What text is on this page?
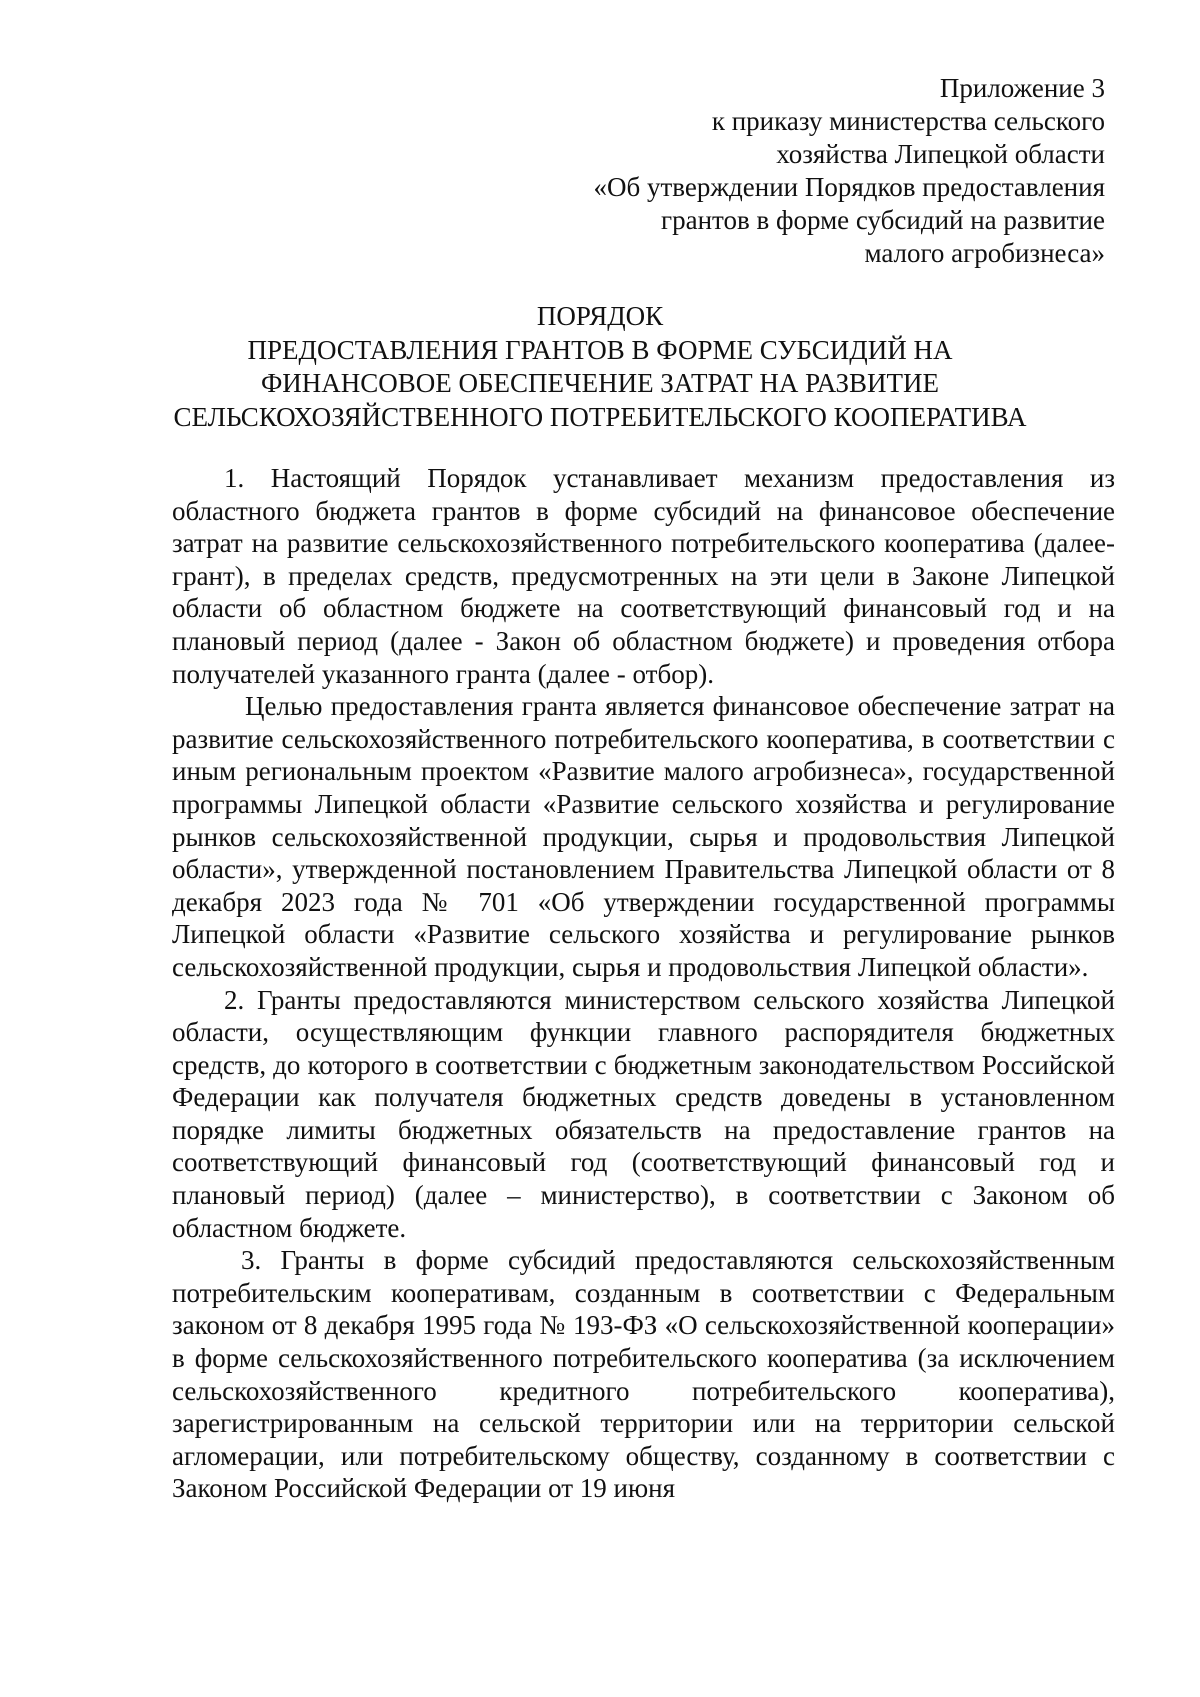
Приложение 3
к приказу министерства сельского
хозяйства Липецкой области
«Об утверждении Порядков предоставления
грантов в форме субсидий на развитие
малого агробизнеса»
ПОРЯДОК
ПРЕДОСТАВЛЕНИЯ ГРАНТОВ В ФОРМЕ СУБСИДИЙ НА
ФИНАНСОВОЕ ОБЕСПЕЧЕНИЕ ЗАТРАТ НА РАЗВИТИЕ
СЕЛЬСКОХОЗЯЙСТВЕННОГО ПОТРЕБИТЕЛЬСКОГО КООПЕРАТИВА

1. Настоящий Порядок устанавливает механизм предоставления из областного бюджета грантов в форме субсидий на финансовое обеспечение затрат на развитие сельскохозяйственного потребительского кооператива (далее-грант), в пределах средств, предусмотренных на эти цели в Законе Липецкой области об областном бюджете на соответствующий финансовый год и на плановый период (далее - Закон об областном бюджете) и проведения отбора получателей указанного гранта (далее - отбор).

Целью предоставления гранта является финансовое обеспечение затрат на развитие сельскохозяйственного потребительского кооператива, в соответствии с иным региональным проектом «Развитие малого агробизнеса», государственной программы Липецкой области «Развитие сельского хозяйства и регулирование рынков сельскохозяйственной продукции, сырья и продовольствия Липецкой области», утвержденной постановлением Правительства Липецкой области от 8 декабря 2023 года № 701 «Об утверждении государственной программы Липецкой области «Развитие сельского хозяйства и регулирование рынков сельскохозяйственной продукции, сырья и продовольствия Липецкой области».

2. Гранты предоставляются министерством сельского хозяйства Липецкой области, осуществляющим функции главного распорядителя бюджетных средств, до которого в соответствии с бюджетным законодательством Российской Федерации как получателя бюджетных средств доведены в установленном порядке лимиты бюджетных обязательств на предоставление грантов на соответствующий финансовый год (соответствующий финансовый год и плановый период) (далее – министерство), в соответствии с Законом об областном бюджете.

3. Гранты в форме субсидий предоставляются сельскохозяйственным потребительским кооперативам, созданным в соответствии с Федеральным законом от 8 декабря 1995 года № 193-ФЗ «О сельскохозяйственной кооперации» в форме сельскохозяйственного потребительского кооператива (за исключением сельскохозяйственного кредитного потребительского кооператива), зарегистрированным на сельской территории или на территории сельской агломерации, или потребительскому обществу, созданному в соответствии с Законом Российской Федерации от 19 июня
